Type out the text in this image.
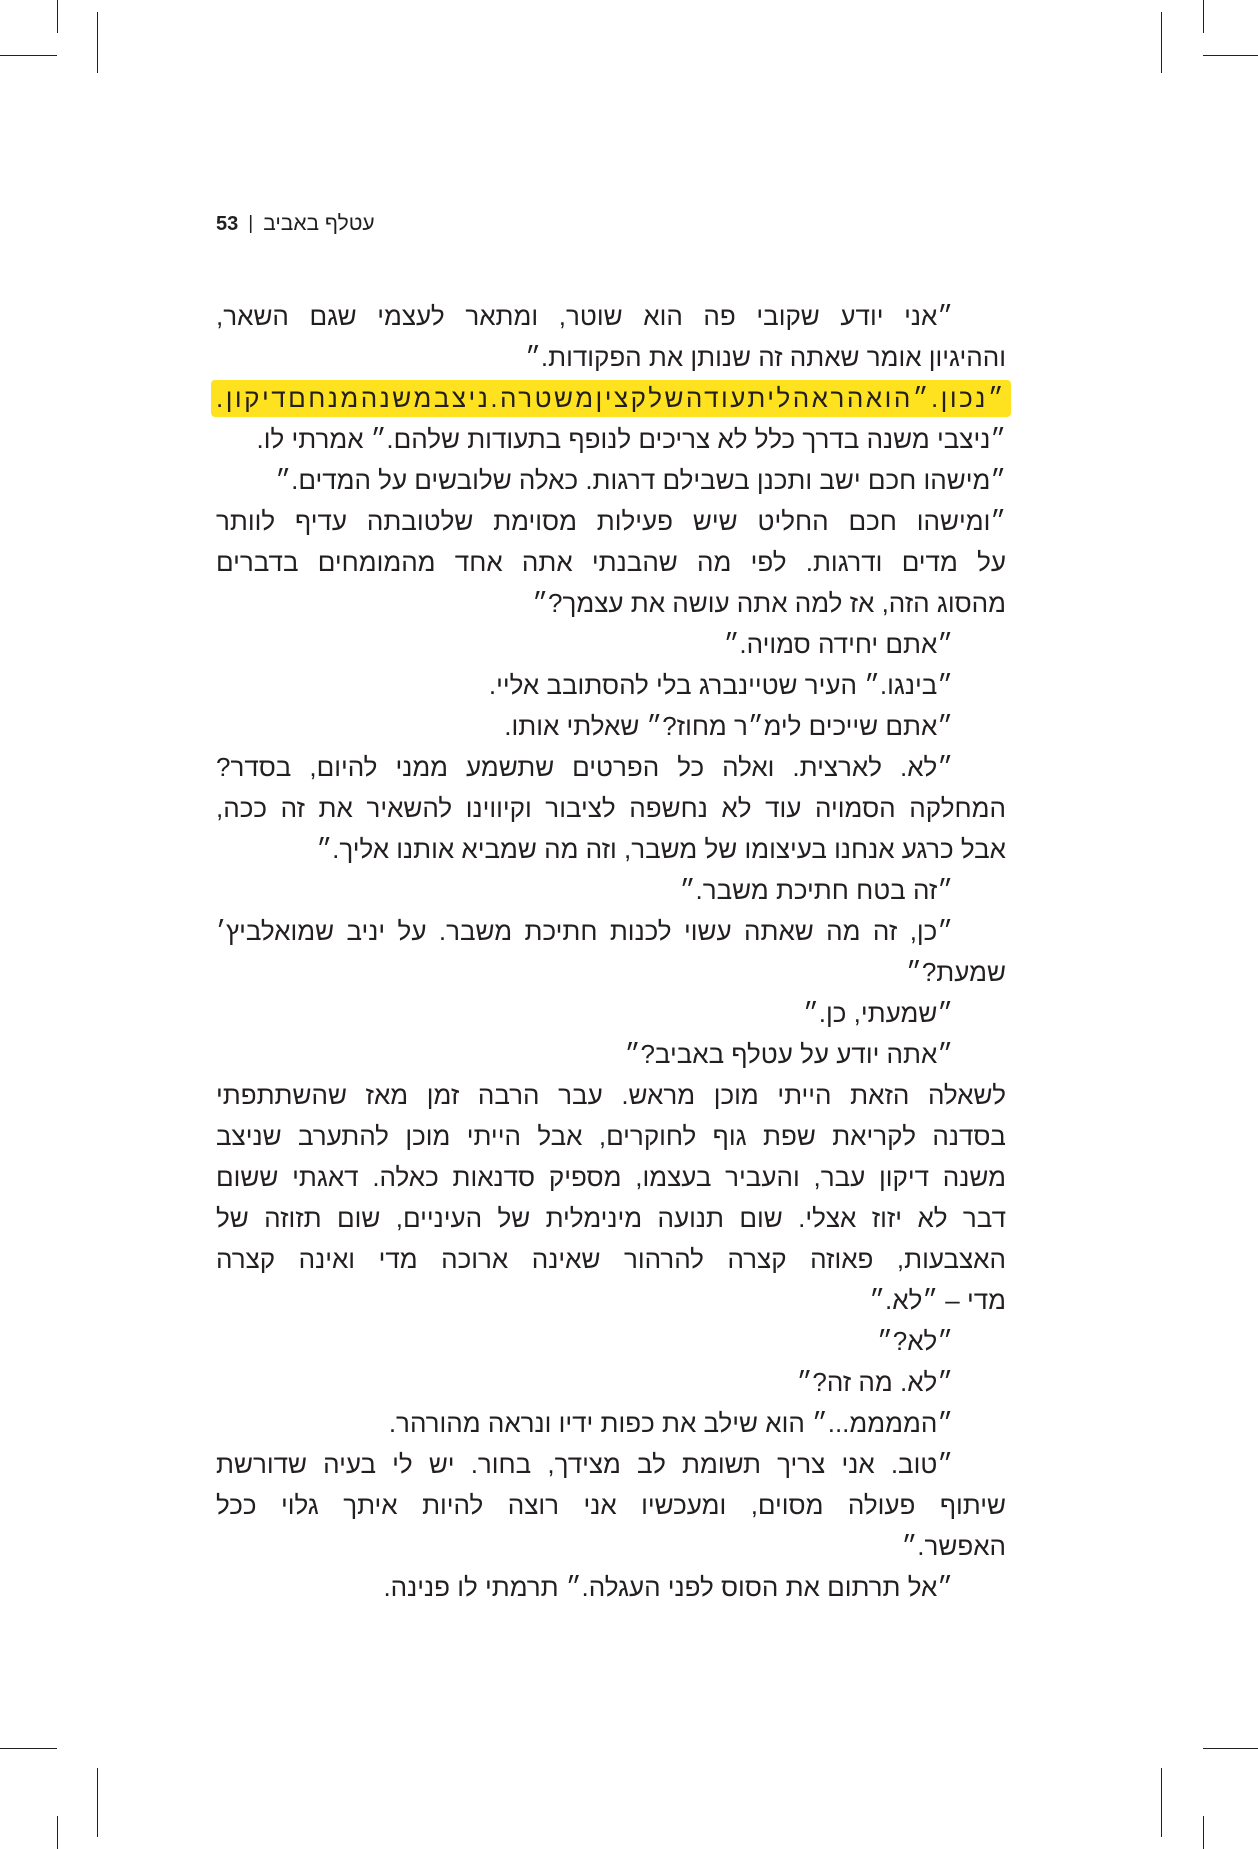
53 | עטלף באביב
״אני יודע שקובי פה הוא שוטר, ומתאר לעצמי שגם השאר,
וההיגיון אומר שאתה זה שנותן את הפקודות.״
״נכון.״הואהראהליתעודהשלקציןמשטרה.ניצבמשנהמנחםדיקון.
״ניצבי משנה בדרך כלל לא צריכים לנופף בתעודות שלהם.״ אמרתי לו.
״מישהו חכם ישב ותכנן בשבילם דרגות. כאלה שלובשים על המדים.״
״ומישהו חכם החליט שיש פעילות מסוימת שלטובתה עדיף לוותר
על מדים ודרגות. לפי מה שהבנתי אתה אחד מהמומחים בדברים
מהסוג הזה, אז למה אתה עושה את עצמך?״
״אתם יחידה סמויה.״
״בינגו.״ העיר שטיינברג בלי להסתובב אליי.
״אתם שייכים לימ״ר מחוז?״ שאלתי אותו.
״לא. לארצית. ואלה כל הפרטים שתשמע ממני להיום, בסדר?
המחלקה הסמויה עוד לא נחשפה לציבור וקיווינו להשאיר את זה ככה,
אבל כרגע אנחנו בעיצומו של משבר, וזה מה שמביא אותנו אליך.״
״זה בטח חתיכת משבר.״
״כן, זה מה שאתה עשוי לכנות חתיכת משבר. על יניב שמואלביץ׳
שמעת?״
״שמעתי, כן.״
״אתה יודע על עטלף באביב?״
לשאלה הזאת הייתי מוכן מראש. עבר הרבה זמן מאז שהשתתפתי
בסדנה לקריאת שפת גוף לחוקרים, אבל הייתי מוכן להתערב שניצב
משנה דיקון עבר, והעביר בעצמו, מספיק סדנאות כאלה. דאגתי ששום
דבר לא יזוז אצלי. שום תנועה מינימלית של העיניים, שום תזוזה של
האצבעות, פאוזה קצרה להרהור שאינה ארוכה מדי ואינה קצרה
מדי – ״לא.״
״לא?״
״לא. מה זה?״
״הממממ...״ הוא שילב את כפות ידיו ונראה מהורהר.
״טוב. אני צריך תשומת לב מצידך, בחור. יש לי בעיה שדורשת
שיתוף פעולה מסוים, ומעכשיו אני רוצה להיות איתך גלוי ככל
האפשר.״
״אל תרתום את הסוס לפני העגלה.״ תרמתי לו פנינה.
